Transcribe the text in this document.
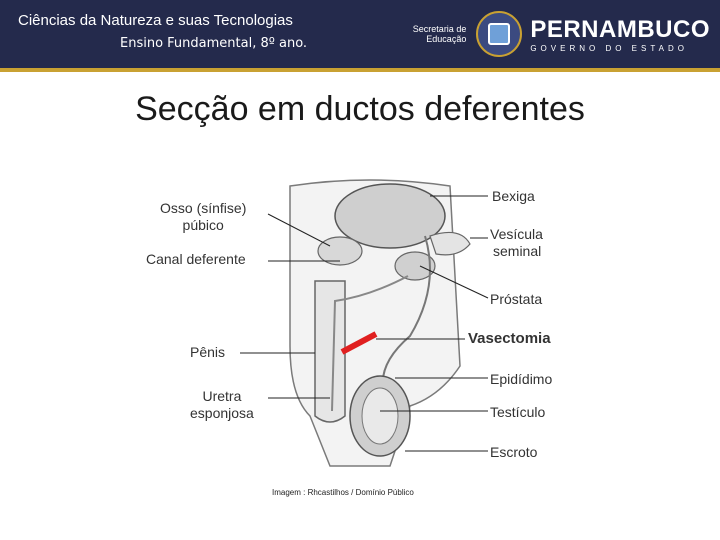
Ciências da Natureza e suas Tecnologias
Ensino Fundamental, 8º ano.
Secretaria de
Educação	PERNAMBUCO
GOVERNO DO ESTADO
Secção em ductos deferentes
Osso (sínfise)
púbico
Canal deferente
Pênis
Uretra
esponjosa
Bexiga
Vesícula
seminal
Próstata
Vasectomia
Epidídimo
Testículo
Escroto
Imagem : Rhcastilhos / Domínio Público
